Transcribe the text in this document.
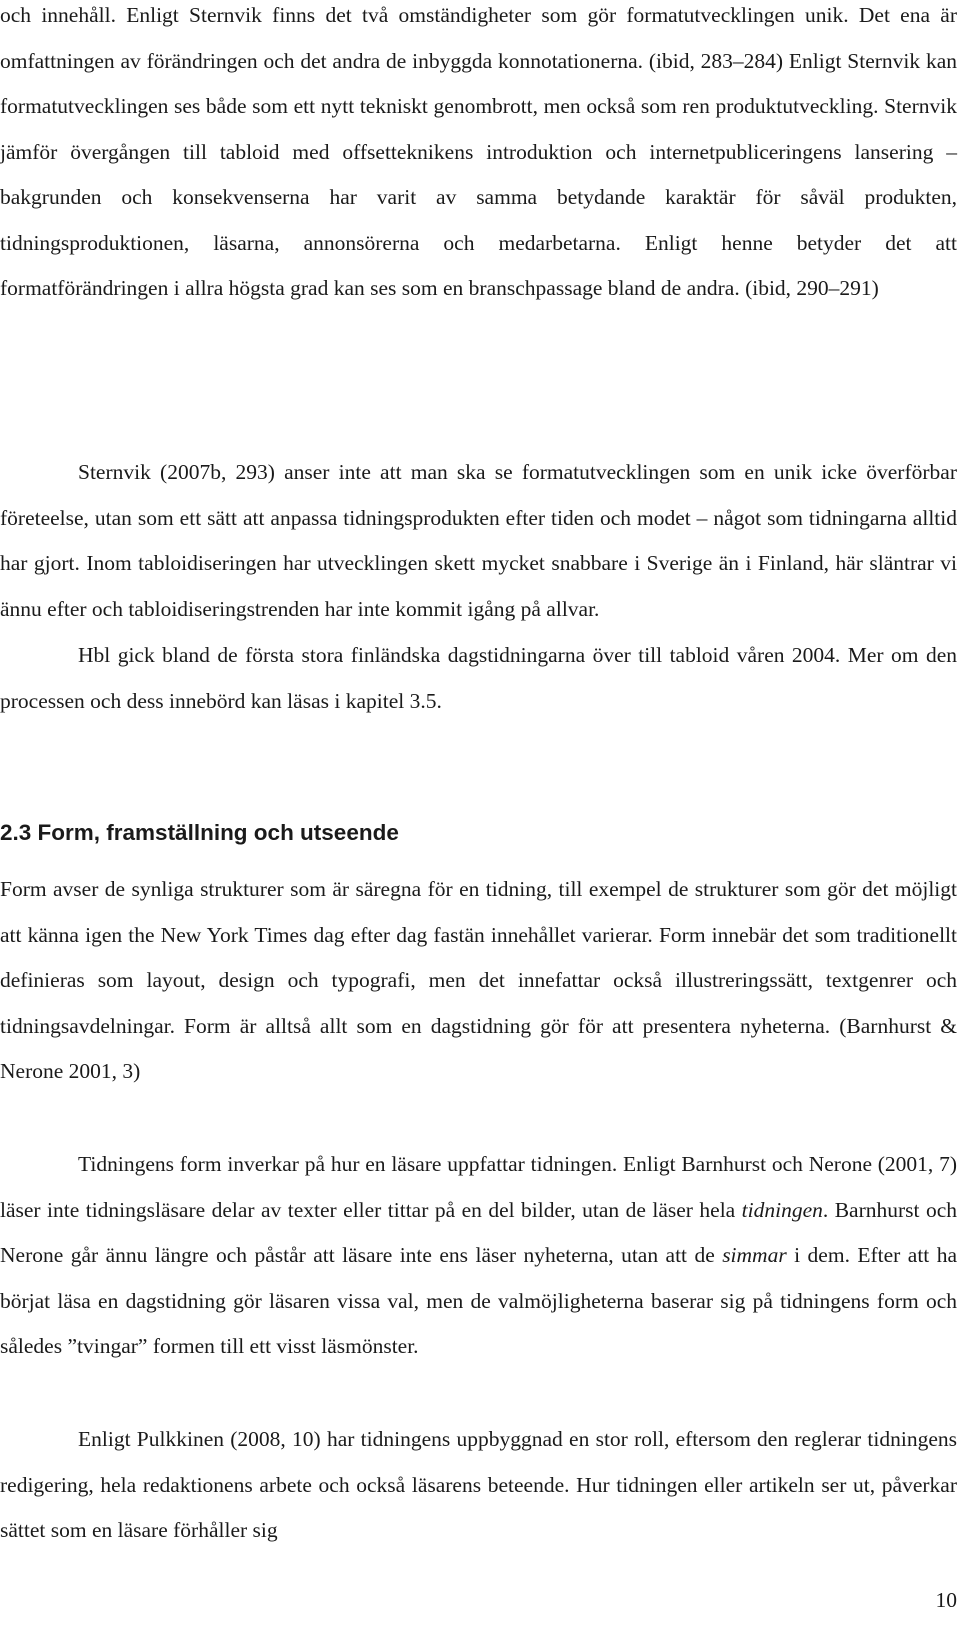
och innehåll. Enligt Sternvik finns det två omständigheter som gör formatutvecklingen unik. Det ena är omfattningen av förändringen och det andra de inbyggda konnotationerna. (ibid, 283–284) Enligt Sternvik kan formatutvecklingen ses både som ett nytt tekniskt genombrott, men också som ren produktutveckling. Sternvik jämför övergången till tabloid med offsetteknikens introduktion och internetpubliceringens lansering – bakgrunden och konsekvenserna har varit av samma betydande karaktär för såväl produkten, tidningsproduktionen, läsarna, annonsörerna och medarbetarna. Enligt henne betyder det att formatförändringen i allra högsta grad kan ses som en branschpassage bland de andra. (ibid, 290–291)

Sternvik (2007b, 293) anser inte att man ska se formatutvecklingen som en unik icke överförbar företeelse, utan som ett sätt att anpassa tidningsprodukten efter tiden och modet – något som tidningarna alltid har gjort. Inom tabloidiseringen har utvecklingen skett mycket snabbare i Sverige än i Finland, här släntrar vi ännu efter och tabloidiseringstrenden har inte kommit igång på allvar.

Hbl gick bland de första stora finländska dagstidningarna över till tabloid våren 2004. Mer om den processen och dess innebörd kan läsas i kapitel 3.5.

2.3 Form, framställning och utseende

Form avser de synliga strukturer som är säregna för en tidning, till exempel de strukturer som gör det möjligt att känna igen the New York Times dag efter dag fastän innehållet varierar. Form innebär det som traditionellt definieras som layout, design och typografi, men det innefattar också illustreringssätt, textgenrer och tidningsavdelningar. Form är alltså allt som en dagstidning gör för att presentera nyheterna. (Barnhurst & Nerone 2001, 3)

Tidningens form inverkar på hur en läsare uppfattar tidningen. Enligt Barnhurst och Nerone (2001, 7) läser inte tidningsläsare delar av texter eller tittar på en del bilder, utan de läser hela tidningen. Barnhurst och Nerone går ännu längre och påstår att läsare inte ens läser nyheterna, utan att de simmar i dem. Efter att ha börjat läsa en dagstidning gör läsaren vissa val, men de valmöjligheterna baserar sig på tidningens form och således ”tvingar” formen till ett visst läsmönster.

Enligt Pulkkinen (2008, 10) har tidningens uppbyggnad en stor roll, eftersom den reglerar tidningens redigering, hela redaktionens arbete och också läsarens beteende. Hur tidningen eller artikeln ser ut, påverkar sättet som en läsare förhåller sig

10
